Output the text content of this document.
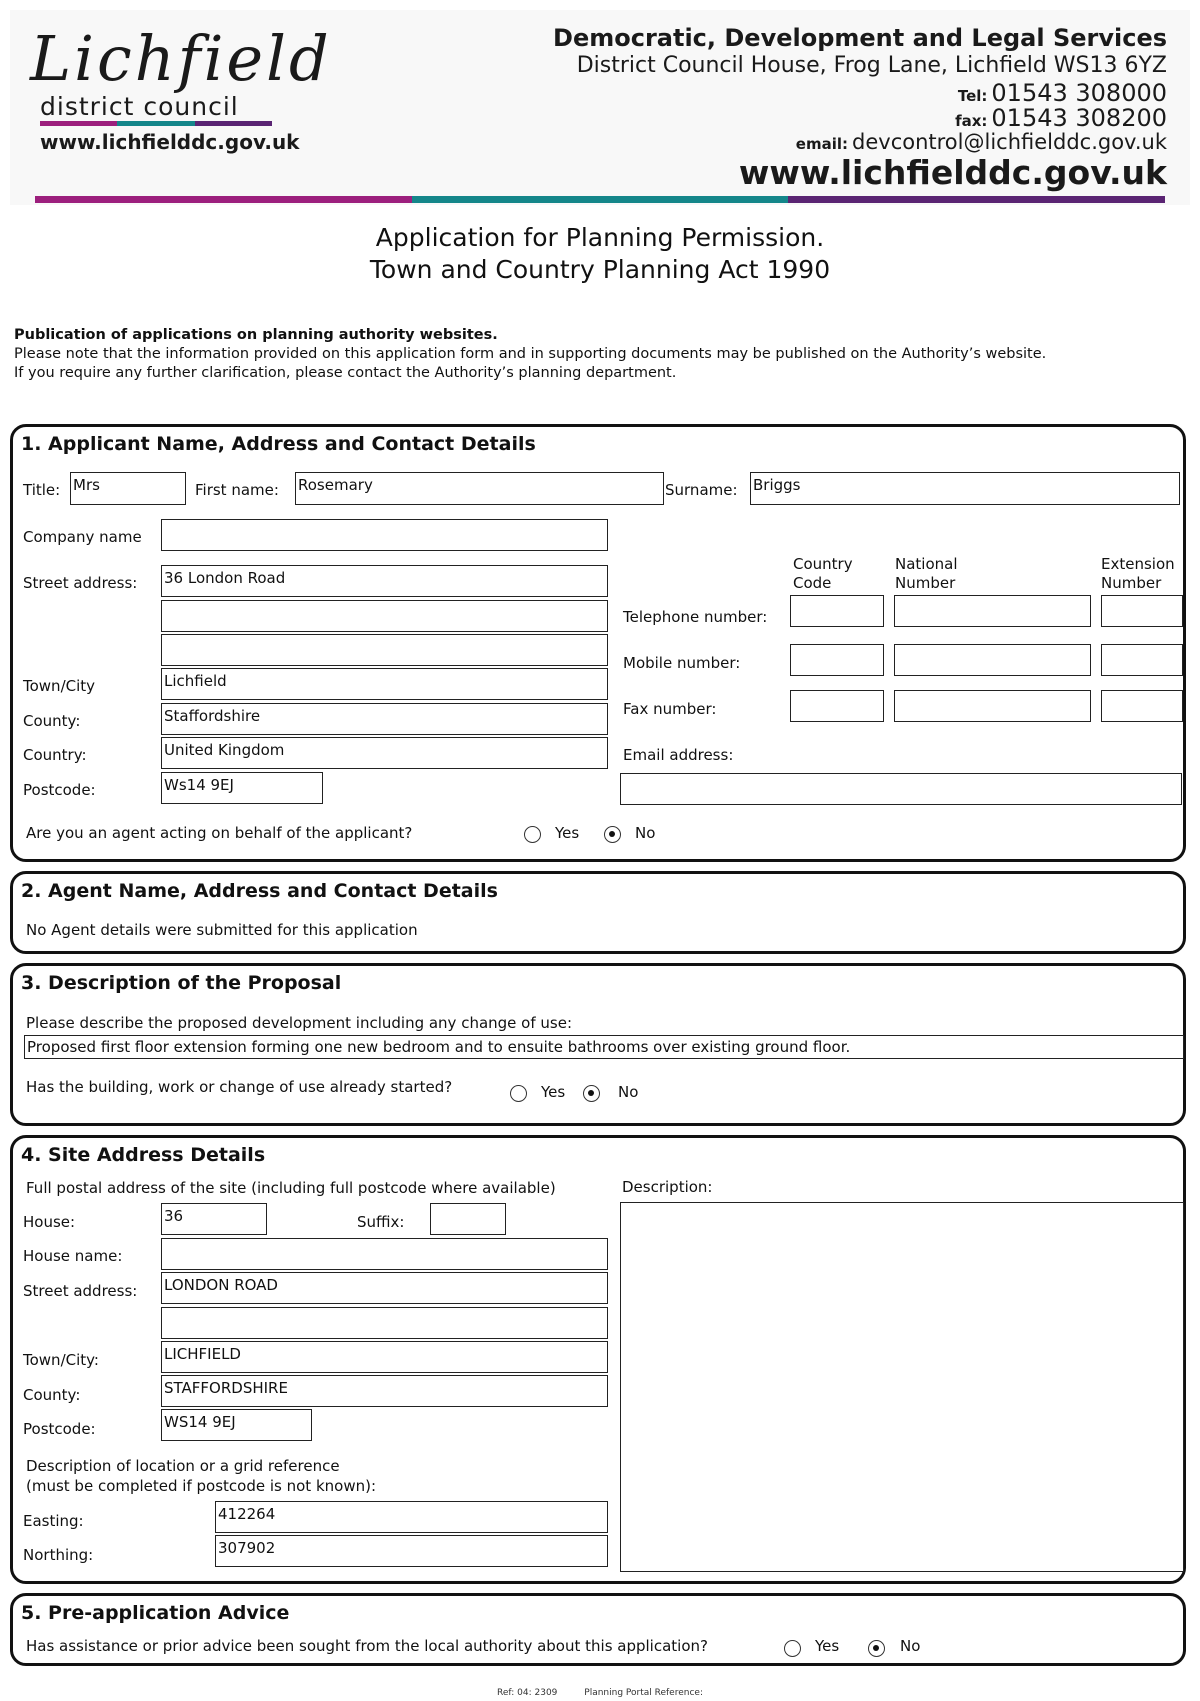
Lichfield
district council
www.lichfielddc.gov.uk
Democratic, Development and Legal Services
District Council House, Frog Lane, Lichfield WS13 6YZ
Tel: 01543 308000
fax: 01543 308200
email: devcontrol@lichfielddc.gov.uk
www.lichfielddc.gov.uk
Application for Planning Permission.
Town and Country Planning Act 1990
Publication of applications on planning authority websites.
Please note that the information provided on this application form and in supporting documents may be published on the Authority’s website.
If you require any further clarification, please contact the Authority’s planning department.
1. Applicant Name, Address and Contact Details
Title: Mrs	First name: Rosemary	Surname: Briggs
Company name
Street address: 36 London Road
Town/City	Lichfield
County:	Staffordshire
Country:	United Kingdom
Postcode:	Ws14 9EJ
Country Code
National Number
Extension Number
Telephone number:
Mobile number:
Fax number:
Email address:
Are you an agent acting on behalf of the applicant?	Yes	No
2. Agent Name, Address and Contact Details
No Agent details were submitted for this application
3. Description of the Proposal
Please describe the proposed development including any change of use:
Proposed first floor extension forming one new bedroom and to ensuite bathrooms over existing ground floor.
Has the building, work or change of use already started?	Yes	No
4. Site Address Details
Full postal address of the site (including full postcode where available)	Description:
House:	36	Suffix:
House name:
Street address: LONDON ROAD
Town/City:	LICHFIELD
County:	STAFFORDSHIRE
Postcode:	WS14 9EJ
Description of location or a grid reference
(must be completed if postcode is not known):
Easting:	412264
Northing:	307902
5. Pre-application Advice
Has assistance or prior advice been sought from the local authority about this application?	Yes	No
Ref: 04: 2309	Planning Portal Reference:
